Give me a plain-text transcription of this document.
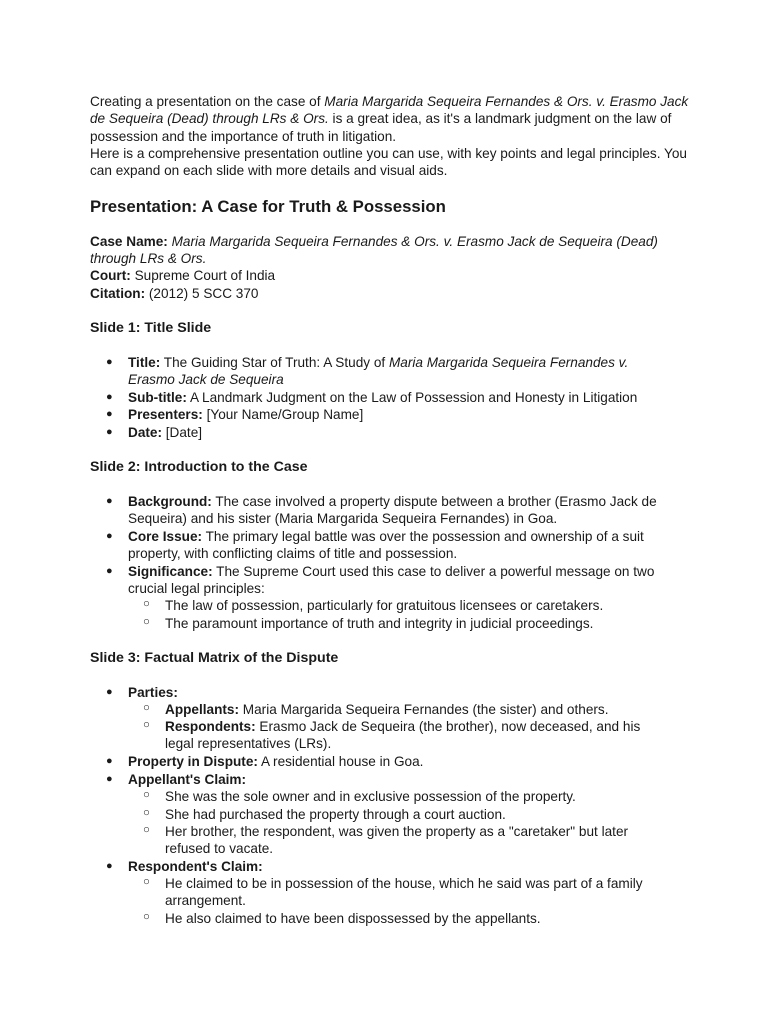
Creating a presentation on the case of Maria Margarida Sequeira Fernandes & Ors. v. Erasmo Jack de Sequeira (Dead) through LRs & Ors. is a great idea, as it's a landmark judgment on the law of possession and the importance of truth in litigation.

Here is a comprehensive presentation outline you can use, with key points and legal principles. You can expand on each slide with more details and visual aids.

Presentation: A Case for Truth & Possession

Case Name: Maria Margarida Sequeira Fernandes & Ors. v. Erasmo Jack de Sequeira (Dead) through LRs & Ors.

Court: Supreme Court of India

Citation: (2012) 5 SCC 370

Slide 1: Title Slide

● Title: The Guiding Star of Truth: A Study of Maria Margarida Sequeira Fernandes v. Erasmo Jack de Sequeira

● Sub-title: A Landmark Judgment on the Law of Possession and Honesty in Litigation

● Presenters: [Your Name/Group Name]

● Date: [Date]

Slide 2: Introduction to the Case

● Background: The case involved a property dispute between a brother (Erasmo Jack de Sequeira) and his sister (Maria Margarida Sequeira Fernandes) in Goa.

● Core Issue: The primary legal battle was over the possession and ownership of a suit property, with conflicting claims of title and possession.

● Significance: The Supreme Court used this case to deliver a powerful message on two crucial legal principles:

○ The law of possession, particularly for gratuitous licensees or caretakers.

○ The paramount importance of truth and integrity in judicial proceedings.

Slide 3: Factual Matrix of the Dispute

● Parties:

○ Appellants: Maria Margarida Sequeira Fernandes (the sister) and others.

○ Respondents: Erasmo Jack de Sequeira (the brother), now deceased, and his legal representatives (LRs).

● Property in Dispute: A residential house in Goa.

● Appellant's Claim:

○ She was the sole owner and in exclusive possession of the property.

○ She had purchased the property through a court auction.

○ Her brother, the respondent, was given the property as a "caretaker" but later refused to vacate.

● Respondent's Claim:

○ He claimed to be in possession of the house, which he said was part of a family arrangement.

○ He also claimed to have been dispossessed by the appellants.
